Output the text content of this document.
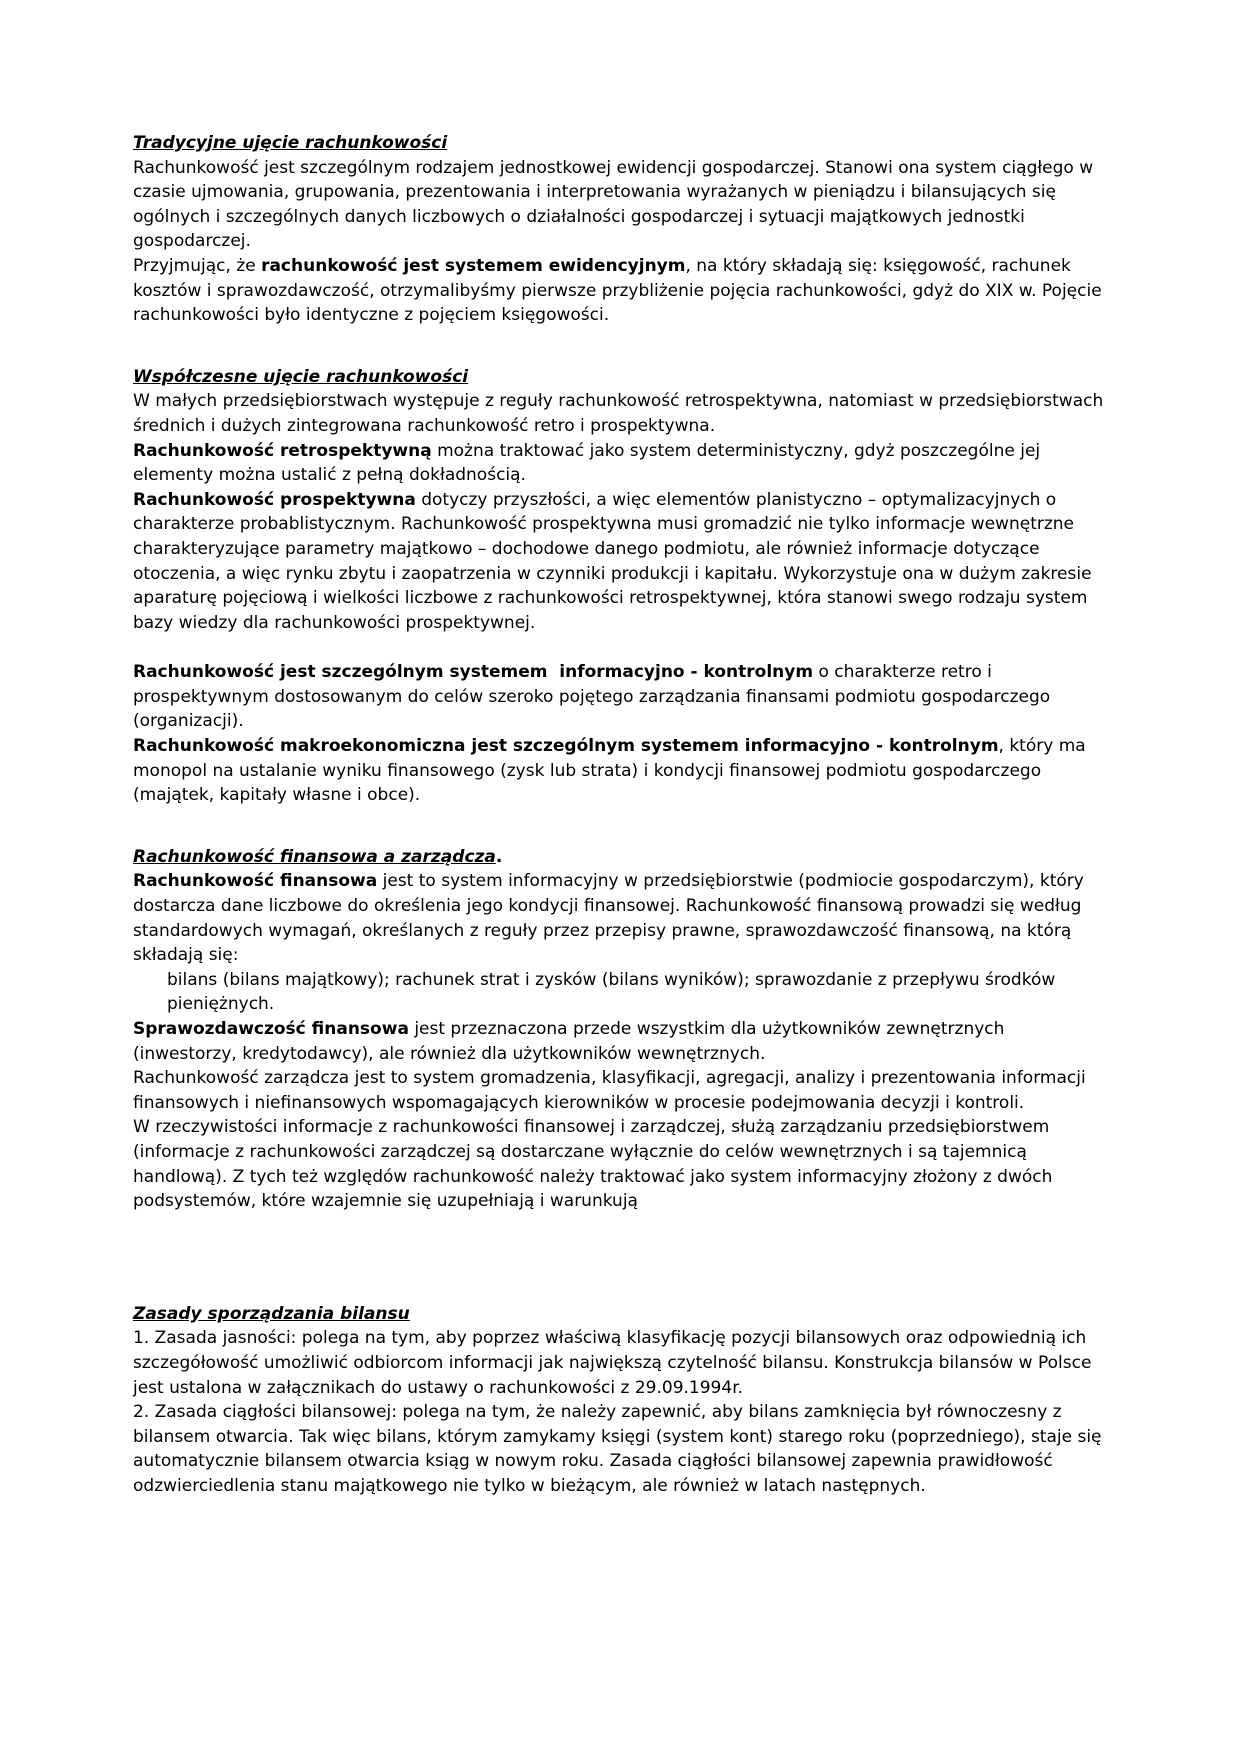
Tradycyjne ujęcie rachunkowości

Rachunkowość jest szczególnym rodzajem jednostkowej ewidencji gospodarczej. Stanowi ona system ciągłego w czasie ujmowania, grupowania, prezentowania i interpretowania wyrażanych w pieniądzu i bilansujących się ogólnych i szczególnych danych liczbowych o działalności gospodarczej i sytuacji majątkowych jednostki gospodarczej.

Przyjmując, że rachunkowość jest systemem ewidencyjnym, na który składają się: księgowość, rachunek kosztów i sprawozdawczość, otrzymalibyśmy pierwsze przybliżenie pojęcia rachunkowości, gdyż do XIX w. Pojęcie rachunkowości było identyczne z pojęciem księgowości.

Współczesne ujęcie rachunkowości

W małych przedsiębiorstwach występuje z reguły rachunkowość retrospektywna, natomiast w przedsiębiorstwach średnich i dużych zintegrowana rachunkowość retro i prospektywna.

Rachunkowość retrospektywną można traktować jako system deterministyczny, gdyż poszczególne jej elementy można ustalić z pełną dokładnością.

Rachunkowość prospektywna dotyczy przyszłości, a więc elementów planistyczno – optymalizacyjnych o charakterze probablistycznym. Rachunkowość prospektywna musi gromadzić nie tylko informacje wewnętrzne charakteryzujące parametry majątkowo – dochodowe danego podmiotu, ale również informacje dotyczące otoczenia, a więc rynku zbytu i zaopatrzenia w czynniki produkcji i kapitału. Wykorzystuje ona w dużym zakresie aparaturę pojęciową i wielkości liczbowe z rachunkowości retrospektywnej, która stanowi swego rodzaju system bazy wiedzy dla rachunkowości prospektywnej.

Rachunkowość jest szczególnym systemem  informacyjno - kontrolnym o charakterze retro i prospektywnym dostosowanym do celów szeroko pojętego zarządzania finansami podmiotu gospodarczego (organizacji).

Rachunkowość makroekonomiczna jest szczególnym systemem informacyjno - kontrolnym, który ma monopol na ustalanie wyniku finansowego (zysk lub strata) i kondycji finansowej podmiotu gospodarczego (majątek, kapitały własne i obce).

Rachunkowość finansowa a zarządcza.

Rachunkowość finansowa jest to system informacyjny w przedsiębiorstwie (podmiocie gospodarczym), który dostarcza dane liczbowe do określenia jego kondycji finansowej. Rachunkowość finansową prowadzi się według standardowych wymagań, określanych z reguły przez przepisy prawne, sprawozdawczość finansową, na którą składają się:

bilans (bilans majątkowy); rachunek strat i zysków (bilans wyników); sprawozdanie z przepływu środków pieniężnych.

Sprawozdawczość finansowa jest przeznaczona przede wszystkim dla użytkowników zewnętrznych (inwestorzy, kredytodawcy), ale również dla użytkowników wewnętrznych.

Rachunkowość zarządcza jest to system gromadzenia, klasyfikacji, agregacji, analizy i prezentowania informacji finansowych i niefinansowych wspomagających kierowników w procesie podejmowania decyzji i kontroli.

W rzeczywistości informacje z rachunkowości finansowej i zarządczej, służą zarządzaniu przedsiębiorstwem (informacje z rachunkowości zarządczej są dostarczane wyłącznie do celów wewnętrznych i są tajemnicą handlową). Z tych też względów rachunkowość należy traktować jako system informacyjny złożony z dwóch podsystemów, które wzajemnie się uzupełniają i warunkują

Zasady sporządzania bilansu

1. Zasada jasności: polega na tym, aby poprzez właściwą klasyfikację pozycji bilansowych oraz odpowiednią ich szczegółowość umożliwić odbiorcom informacji jak największą czytelność bilansu. Konstrukcja bilansów w Polsce jest ustalona w załącznikach do ustawy o rachunkowości z 29.09.1994r.

2. Zasada ciągłości bilansowej: polega na tym, że należy zapewnić, aby bilans zamknięcia był równoczesny z bilansem otwarcia. Tak więc bilans, którym zamykamy księgi (system kont) starego roku (poprzedniego), staje się automatycznie bilansem otwarcia ksiąg w nowym roku. Zasada ciągłości bilansowej zapewnia prawidłowość odzwierciedlenia stanu majątkowego nie tylko w bieżącym, ale również w latach następnych.
